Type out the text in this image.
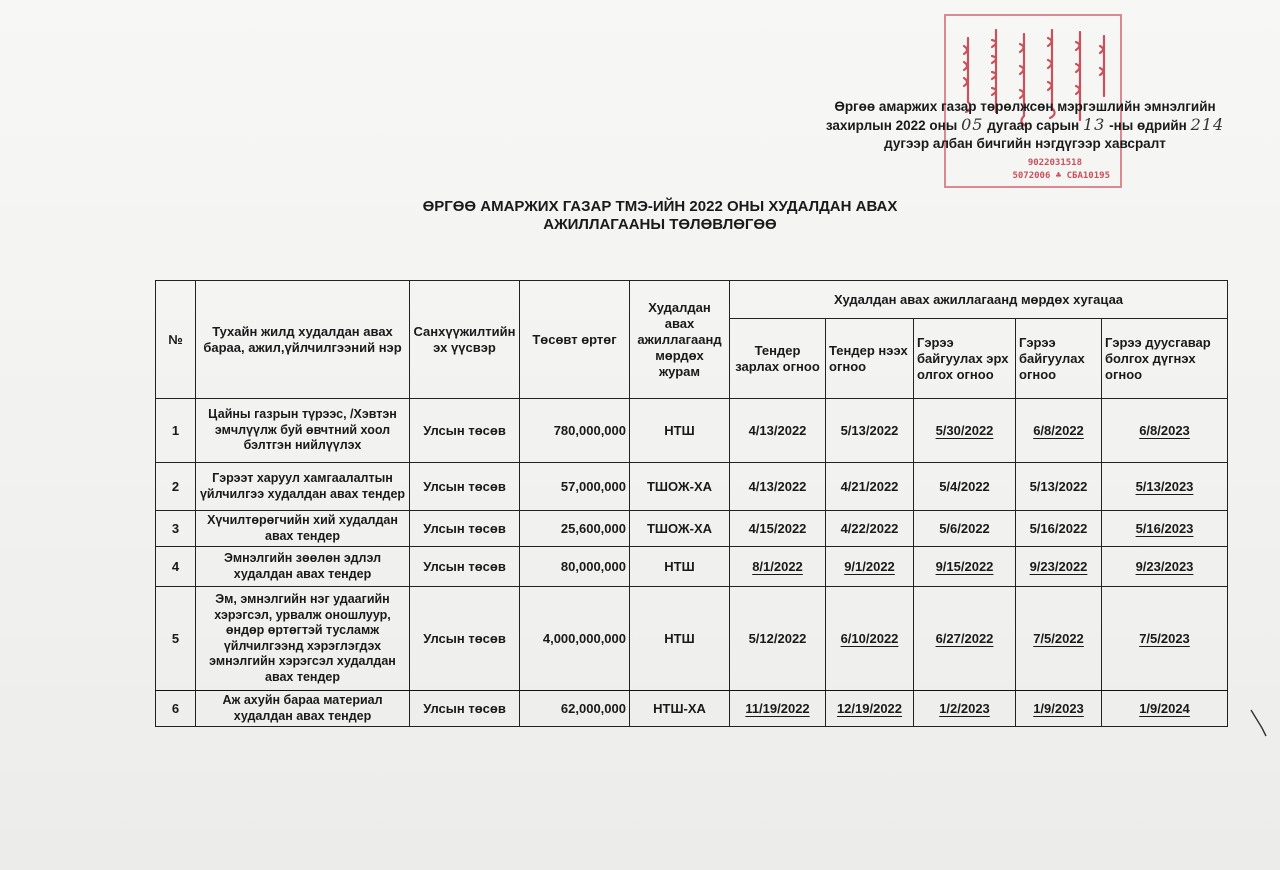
9022031518
5072006 ♣ СБА10195
Өргөө амаржих газар төрөлжсөн мэргэшлийн эмнэлгийн
захирлын 2022 оны 05 дугаар сарын 13 -ны өдрийн 214
дугээр албан бичгийн нэгдүгээр хавсралт
ӨРГӨӨ АМАРЖИХ ГАЗАР ТМЭ-ИЙН 2022 ОНЫ ХУДАЛДАН АВАХ
АЖИЛЛАГААНЫ ТӨЛӨВЛӨГӨӨ
№	Тухайн жилд худалдан авах бараа, ажил,үйлчилгээний нэр	Санхүүжилтийн эх үүсвэр	Төсөвт өртөг	Худалдан авах ажиллагаанд мөрдөх журам	Худалдан авах ажиллагаанд мөрдөх хугацаа				
					Тендер зарлах огноо	Тендер нээх огноо	Гэрээ байгуулах эрх олгох огноо	Гэрээ байгуулах огноо	Гэрээ дуусгавар болгох дүгнэх огноо
1	Цайны газрын түрээс, /Хэвтэн эмчлүүлж буй өвчтний хоол бэлтгэн нийлүүлэх	Улсын төсөв	780,000,000	НТШ	4/13/2022	5/13/2022	5/30/2022	6/8/2022	6/8/2023
2	Гэрээт харуул хамгаалалтын үйлчилгээ худалдан авах тендер	Улсын төсөв	57,000,000	ТШОЖ-ХА	4/13/2022	4/21/2022	5/4/2022	5/13/2022	5/13/2023
3	Хүчилтөрөгчийн хий худалдан авах тендер	Улсын төсөв	25,600,000	ТШОЖ-ХА	4/15/2022	4/22/2022	5/6/2022	5/16/2022	5/16/2023
4	Эмнэлгийн зөөлөн эдлэл худалдан авах тендер	Улсын төсөв	80,000,000	НТШ	8/1/2022	9/1/2022	9/15/2022	9/23/2022	9/23/2023
5	Эм, эмнэлгийн нэг удаагийн хэрэгсэл, урвалж оношлуур, өндөр өртөгтэй тусламж үйлчилгээнд хэрэглэгдэх эмнэлгийн хэрэгсэл худалдан авах тендер	Улсын төсөв	4,000,000,000	НТШ	5/12/2022	6/10/2022	6/27/2022	7/5/2022	7/5/2023
6	Аж ахуйн бараа материал худалдан авах тендер	Улсын төсөв	62,000,000	НТШ-ХА	11/19/2022	12/19/2022	1/2/2023	1/9/2023	1/9/2024
